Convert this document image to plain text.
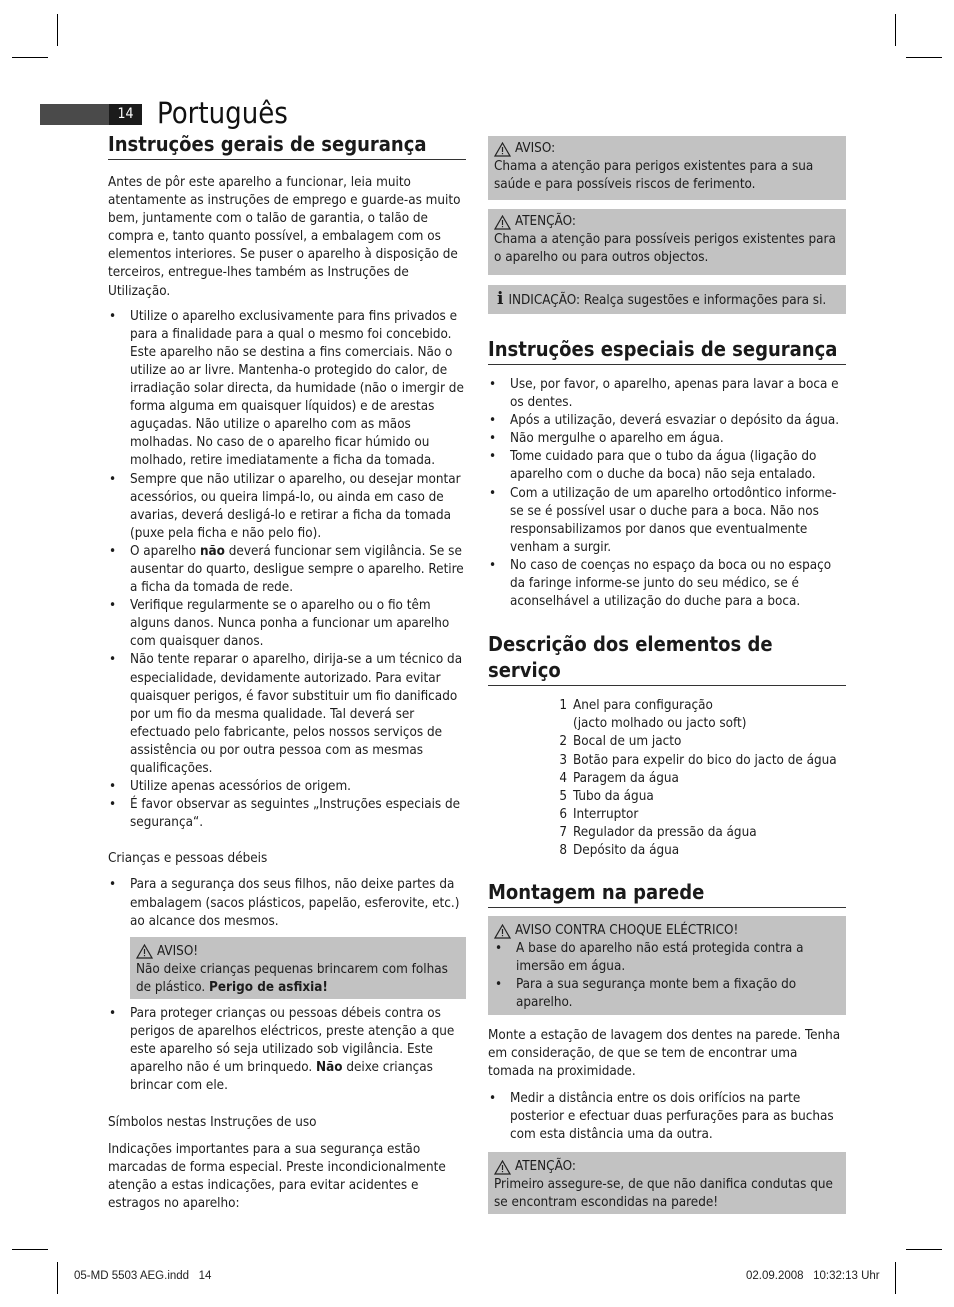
14 Português
Instruções gerais de segurança

Antes de pôr este aparelho a funcionar, leia muito atentamente as instruções de emprego e guarde-as muito bem, juntamente com o talão de garantia, o talão de compra e, tanto quanto possível, a embalagem com os elementos interiores. Se puser o aparelho à disposição de terceiros, entregue-lhes também as Instruções de Utilização.

• Utilize o aparelho exclusivamente para fins privados e para a finalidade para a qual o mesmo foi concebido. Este aparelho não se destina a fins comerciais. Não o utilize ao ar livre. Mantenha-o protegido do calor, de irradiação solar directa, da humidade (não o imergir de forma alguma em quaisquer líquidos) e de arestas aguçadas. Não utilize o aparelho com as mãos molhadas. No caso de o aparelho ficar húmido ou molhado, retire imediatamente a ficha da tomada.
• Sempre que não utilizar o aparelho, ou desejar montar acessórios, ou queira limpá-lo, ou ainda em caso de avarias, deverá desligá-lo e retirar a ficha da tomada (puxe pela ficha e não pelo fio).
• O aparelho não deverá funcionar sem vigilância. Se se ausentar do quarto, desligue sempre o aparelho. Retire a ficha da tomada de rede.
• Verifique regularmente se o aparelho ou o fio têm alguns danos. Nunca ponha a funcionar um aparelho com quaisquer danos.
• Não tente reparar o aparelho, dirija-se a um técnico da especialidade, devidamente autorizado. Para evitar quaisquer perigos, é favor substituir um fio danificado por um fio da mesma qualidade. Tal deverá ser efectuado pelo fabricante, pelos nossos serviços de assistência ou por outra pessoa com as mesmas qualificações.
• Utilize apenas acessórios de origem.
• É favor observar as seguintes „Instruções especiais de segurança“.

Crianças e pessoas débeis

• Para a segurança dos seus filhos, não deixe partes da embalagem (sacos plásticos, papelão, esferovite, etc.) ao alcance dos mesmos.
AVISO!

Não deixe crianças pequenas brincarem com folhas de plástico. Perigo de asfixia!

• Para proteger crianças ou pessoas débeis contra os perigos de aparelhos eléctricos, preste atenção a que este aparelho só seja utilizado sob vigilância. Este aparelho não é um brinquedo. Não deixe crianças brincar com ele.

Símbolos nestas Instruções de uso

Indicações importantes para a sua segurança estão marcadas de forma especial. Preste incondicionalmente atenção a estas indicações, para evitar acidentes e estragos no aparelho:

AVISO:

Chama a atenção para perigos existentes para a sua saúde e para possíveis riscos de ferimento.

ATENÇÃO:

Chama a atenção para possíveis perigos existentes para o aparelho ou para outros objectos.

i INDICAÇÃO: Realça sugestões e informações para si.
Instruções especiais de segurança
• Use, por favor, o aparelho, apenas para lavar a boca e os dentes.
• Após a utilização, deverá esvaziar o depósito da água.
• Não mergulhe o aparelho em água.
• Tome cuidado para que o tubo da água (ligação do aparelho com o duche da boca) não seja entalado.
• Com a utilização de um aparelho ortodôntico informe-se se é possível usar o duche para a boca. Não nos responsabilizamos por danos que eventualmente venham a surgir.
• No caso de coenças no espaço da boca ou no espaço da faringe informe-se junto do seu médico, se é aconselhável a utilização do duche para a boca.
Descrição dos elementos de serviço
1 Anel para configuração
(jacto molhado ou jacto soft)
2 Bocal de um jacto
3 Botão para expelir do bico do jacto de água
4 Paragem da água
5 Tubo da água
6 Interruptor
7 Regulador da pressão da água
8 Depósito da água
Montagem na parede
AVISO CONTRA CHOQUE ELÉCTRICO!
• A base do aparelho não está protegida contra a imersão em água.
• Para a sua segurança monte bem a fixação do aparelho.

Monte a estação de lavagem dos dentes na parede. Tenha em consideração, de que se tem de encontrar uma tomada na proximidade.

• Medir a distância entre os dois orifícios na parte posterior e efectuar duas perfurações para as buchas com esta distância uma da outra.
ATENÇÃO:

Primeiro assegure-se, de que não danifica condutas que se encontram escondidas na parede!

05-MD 5503 AEG.indd   14	02.09.2008   10:32:13 Uhr
